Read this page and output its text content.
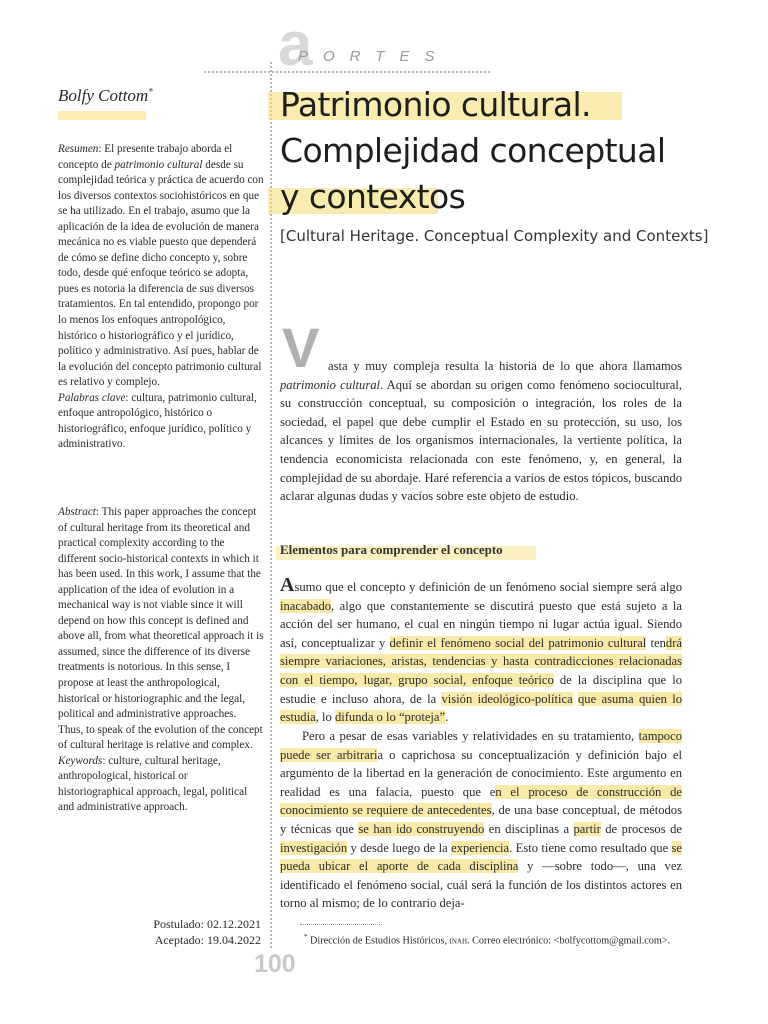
a
PORTES
Bolfy Cottom*

Resumen: El presente trabajo aborda el concepto de patrimonio cultural desde su complejidad teórica y práctica de acuerdo con los diversos contextos sociohistóricos en que se ha utilizado. En el trabajo, asumo que la aplicación de la idea de evolución de manera mecánica no es viable puesto que dependerá de cómo se define dicho concepto y, sobre todo, desde qué enfoque teórico se adopta, pues es notoria la diferencia de sus diversos tratamientos. En tal entendido, propongo por lo menos los enfoques antropológico, histórico o historiográfico y el jurídico, político y administrativo. Así pues, hablar de la evolución del concepto patrimonio cultural es relativo y complejo.

Palabras clave: cultura, patrimonio cultural, enfoque antropológico, histórico o historiográfico, enfoque jurídico, político y administrativo.

Abstract: This paper approaches the concept of cultural heritage from its theoretical and practical complexity according to the different socio-historical contexts in which it has been used. In this work, I assume that the application of the idea of evolution in a mechanical way is not viable since it will depend on how this concept is defined and above all, from what theoretical approach it is assumed, since the difference of its diverse treatments is notorious. In this sense, I propose at least the anthropological, historical or historiographic and the legal, political and administrative approaches. Thus, to speak of the evolution of the concept of cultural heritage is relative and complex.

Keywords: culture, cultural heritage, anthropological, historical or historiographical approach, legal, political and administrative approach.

Postulado: 02.12.2021
Aceptado: 19.04.2022
100
Patrimonio cultural.
Complejidad conceptual
y contextos
[Cultural Heritage. Conceptual Complexity and Contexts]
V asta y muy compleja resulta la historia de lo que ahora llamamos patrimonio cultural. Aquí se abordan su origen como fenómeno sociocultural, su construcción conceptual, su composición o integración, los roles de la sociedad, el papel que debe cumplir el Estado en su protección, su uso, los alcances y límites de los organismos internacionales, la vertiente política, la tendencia economicista relacionada con este fenómeno, y, en general, la complejidad de su abordaje. Haré referencia a varios de estos tópicos, buscando aclarar algunas dudas y vacíos sobre este objeto de estudio.

Elementos para comprender el concepto

Asumo que el concepto y definición de un fenómeno social siempre será algo inacabado, algo que constantemente se discutirá puesto que está sujeto a la acción del ser humano, el cual en ningún tiempo ni lugar actúa igual. Siendo así, conceptualizar y definir el fenómeno social del patrimonio cultural tendrá siempre variaciones, aristas, tendencias y hasta contradicciones relacionadas con el tiempo, lugar, grupo social, enfoque teórico de la disciplina que lo estudie e incluso ahora, de la visión ideológico-política que asuma quien lo estudia, lo difunda o lo “proteja”.

Pero a pesar de esas variables y relatividades en su tratamiento, tampoco puede ser arbitraria o caprichosa su conceptualización y definición bajo el argumento de la libertad en la generación de conocimiento. Este argumento en realidad es una falacia, puesto que en el proceso de construcción de conocimiento se requiere de antecedentes, de una base conceptual, de métodos y técnicas que se han ido construyendo en disciplinas a partir de procesos de investigación y desde luego de la experiencia. Esto tiene como resultado que se pueda ubicar el aporte de cada disciplina y —sobre todo—, una vez identificado el fenómeno social, cuál será la función de los distintos actores en torno al mismo; de lo contrario deja-

* Dirección de Estudios Históricos, inah. Correo electrónico: <bolfycottom@gmail.com>.
